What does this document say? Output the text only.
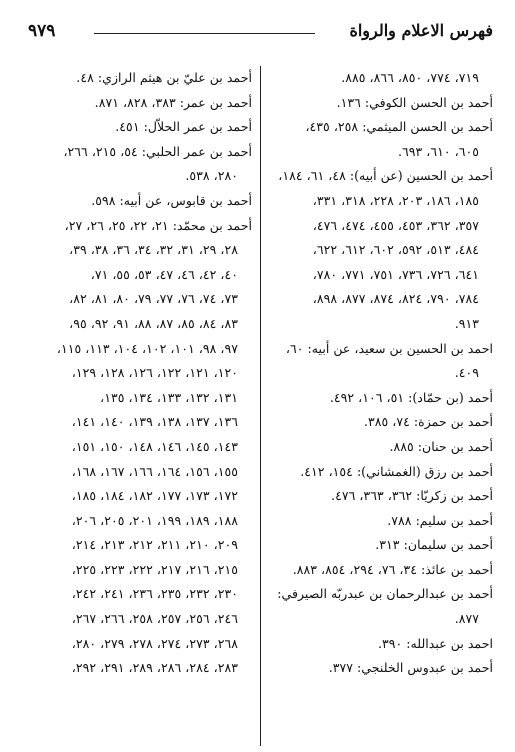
٩٧٩	فهرس الاعلام والرواة
٧١٩، ٧٧٤، ٨٥٠، ٨٦٦، ٨٨٥.
أحمد بن الحسن الكوفي: ١٣٦.
أحمد بن الحسن الميثمي: ٢٥٨، ٤٣٥،
٦٠٥، ٦١٠، ٦٩٣.
أحمد بن الحسين (عن أبيه): ٤٨، ٦١، ١٨٤،
١٨٥، ١٨٦، ٢٠٣، ٢٢٨، ٣١٨، ٣٣١،
٣٥٧، ٣٦٢، ٤٥٣، ٤٥٥، ٤٧٤، ٤٧٦،
٤٨٤، ٥١٣، ٥٩٢، ٦٠٢، ٦١٢، ٦٢٢،
٦٤١، ٧٢٦، ٧٣٦، ٧٥١، ٧٧١، ٧٨٠،
٧٨٤، ٧٩٠، ٨٢٤، ٨٧٤، ٨٧٧، ٨٩٨،
٩١٣.
احمد بن الحسين بن سعيد، عن أبيه: ٦٠،
٤٠٩.
أحمد (بن حمّاد): ٥١، ١٠٦، ٤٩٢.
أحمد بن حمزة: ٧٤، ٣٨٥.
أحمد بن حنان: ٨٨٥.
أحمد بن رزق (الغمشاني): ١٥٤، ٤١٢.
أحمد بن زكريّا: ٣٦٢، ٣٦٣، ٤٧٦.
أحمد بن سليم: ٧٨٨.
أحمد بن سليمان: ٣١٣.
أحمد بن عائذ: ٣٤، ٧٦، ٢٩٤، ٨٥٤، ٨٨٣.
أحمد بن عبدالرحمان بن عبدربّه الصيرفي:
٨٧٧.
احمد بن عبدالله: ٣٩٠.
أحمد بن عبدوس الخلنجي: ٣٧٧.
أحمد بن عليّ بن هيثم الرازي: ٤٨.
أحمد بن عمر: ٣٨٣، ٨٢٨، ٨٧١.
أحمد بن عمر الحلاّل: ٤٥١.
أحمد بن عمر الحلبي: ٥٤، ٢١٥، ٢٦٦،
٢٨٠، ٥٣٨.
أحمد بن قابوس، عن أبيه: ٥٩٨.
أحمد بن محمّد: ٢١، ٢٢، ٢٥، ٢٦، ٢٧،
٢٨، ٢٩، ٣١، ٣٢، ٣٤، ٣٦، ٣٨، ٣٩،
٤٠، ٤٢، ٤٦، ٤٧، ٥٣، ٥٥، ٧١،
٧٣، ٧٤، ٧٦، ٧٧، ٧٩، ٨٠، ٨١، ٨٢،
٨٣، ٨٤، ٨٥، ٨٧، ٨٨، ٩١، ٩٢، ٩٥،
٩٧، ٩٨، ١٠١، ١٠٢، ١٠٤، ١١٣، ١١٥،
١٢٠، ١٢١، ١٢٢، ١٢٦، ١٢٨، ١٢٩،
١٣١، ١٣٢، ١٣٣، ١٣٤، ١٣٥،
١٣٦، ١٣٧، ١٣٨، ١٣٩، ١٤٠، ١٤١،
١٤٣، ١٤٥، ١٤٦، ١٤٨، ١٥٠، ١٥١،
١٥٥، ١٥٦، ١٦٤، ١٦٦، ١٦٧، ١٦٨،
١٧٢، ١٧٣، ١٧٧، ١٨٢، ١٨٤، ١٨٥،
١٨٨، ١٨٩، ١٩٩، ٢٠١، ٢٠٥، ٢٠٦،
٢٠٩، ٢١٠، ٢١١، ٢١٢، ٢١٣، ٢١٤،
٢١٥، ٢١٦، ٢١٧، ٢٢٢، ٢٢٣، ٢٢٥،
٢٣٠، ٢٣٢، ٢٣٥، ٢٣٦، ٢٤١، ٢٤٢،
٢٤٦، ٢٥٦، ٢٥٧، ٢٥٨، ٢٦٦، ٢٦٧،
٢٦٨، ٢٧٣، ٢٧٤، ٢٧٨، ٢٧٩، ٢٨٠،
٢٨٣، ٢٨٤، ٢٨٦، ٢٨٩، ٢٩١، ٢٩٢،
